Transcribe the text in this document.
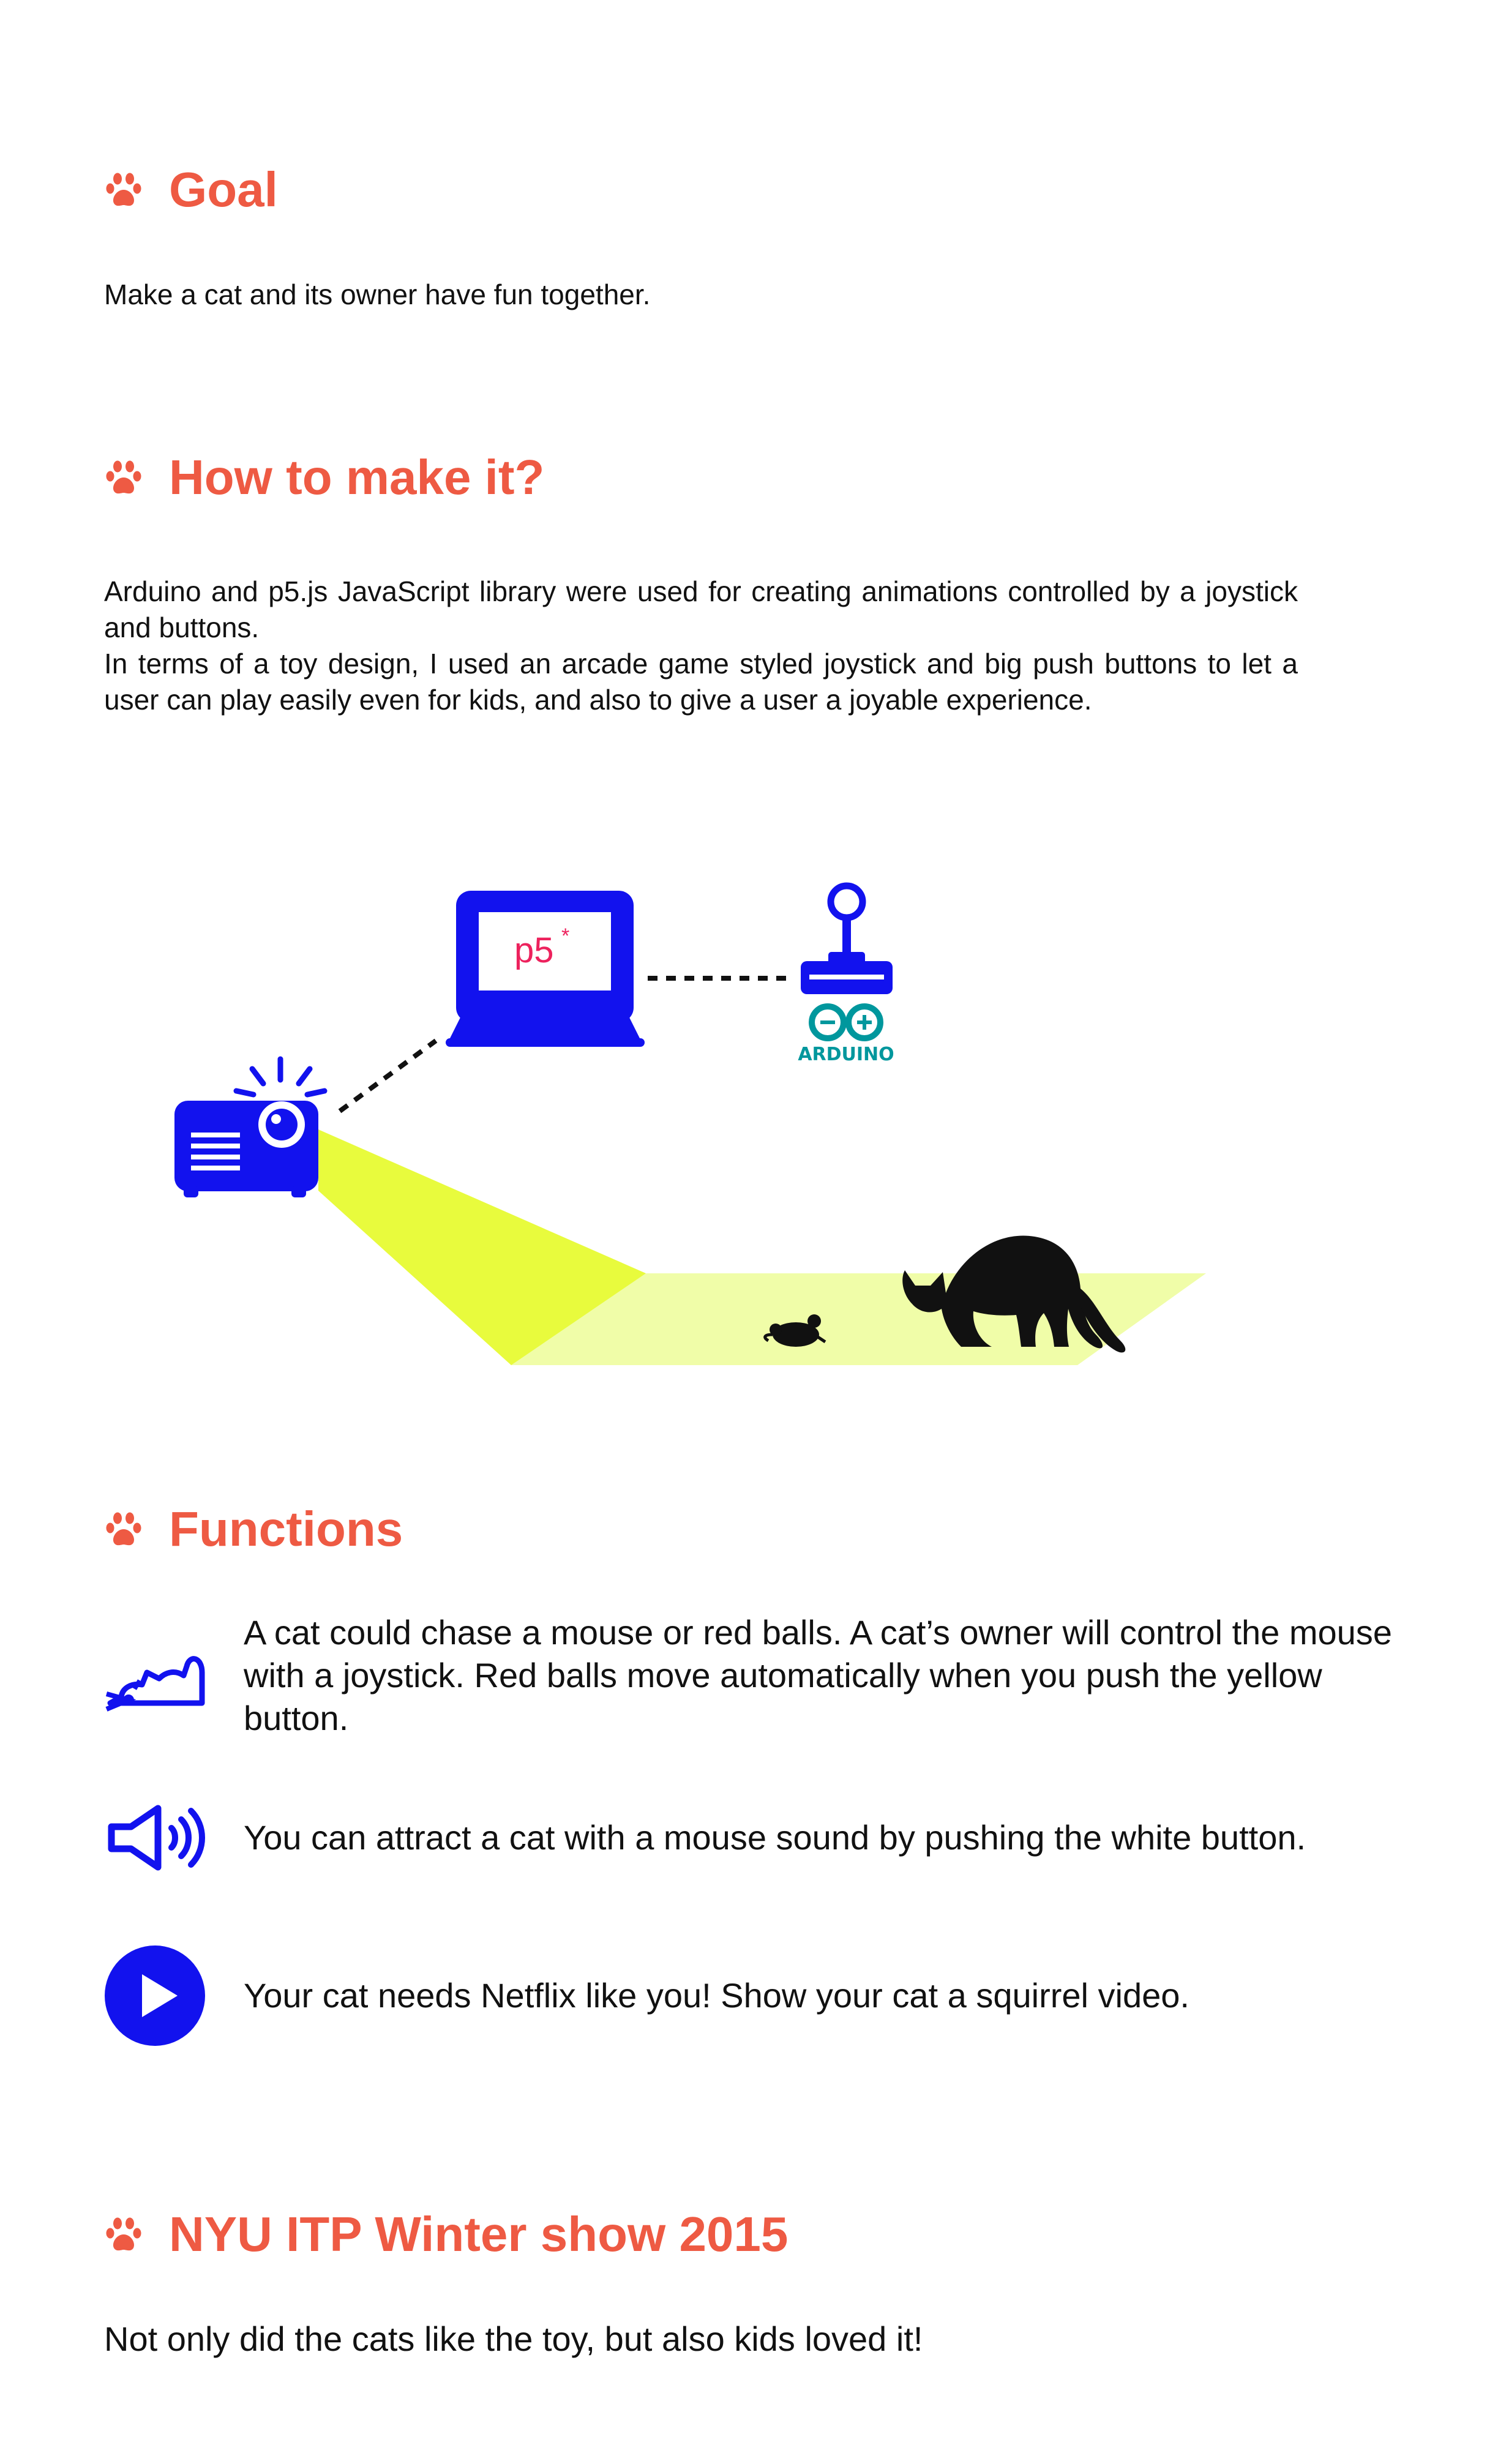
Goal

Make a cat and its owner have fun together.

How to make it?

Arduino and p5.js JavaScript library were used for creating animations controlled by a joystick and buttons.

In terms of a toy design, I used an arcade game styled joystick and big push buttons to let a user can play easily even for kids, and also to give a user a joyable experience.

p5 *
ARDUINO
Functions

A cat could chase a mouse or red balls. A cat’s owner will control the mouse with a joystick. Red balls move automatically when you push the yellow button.

You can attract a cat with a mouse sound by pushing the white button.

Your cat needs Netflix like you! Show your cat a squirrel video.

NYU ITP Winter show 2015

Not only did the cats like the toy, but also kids loved it!
